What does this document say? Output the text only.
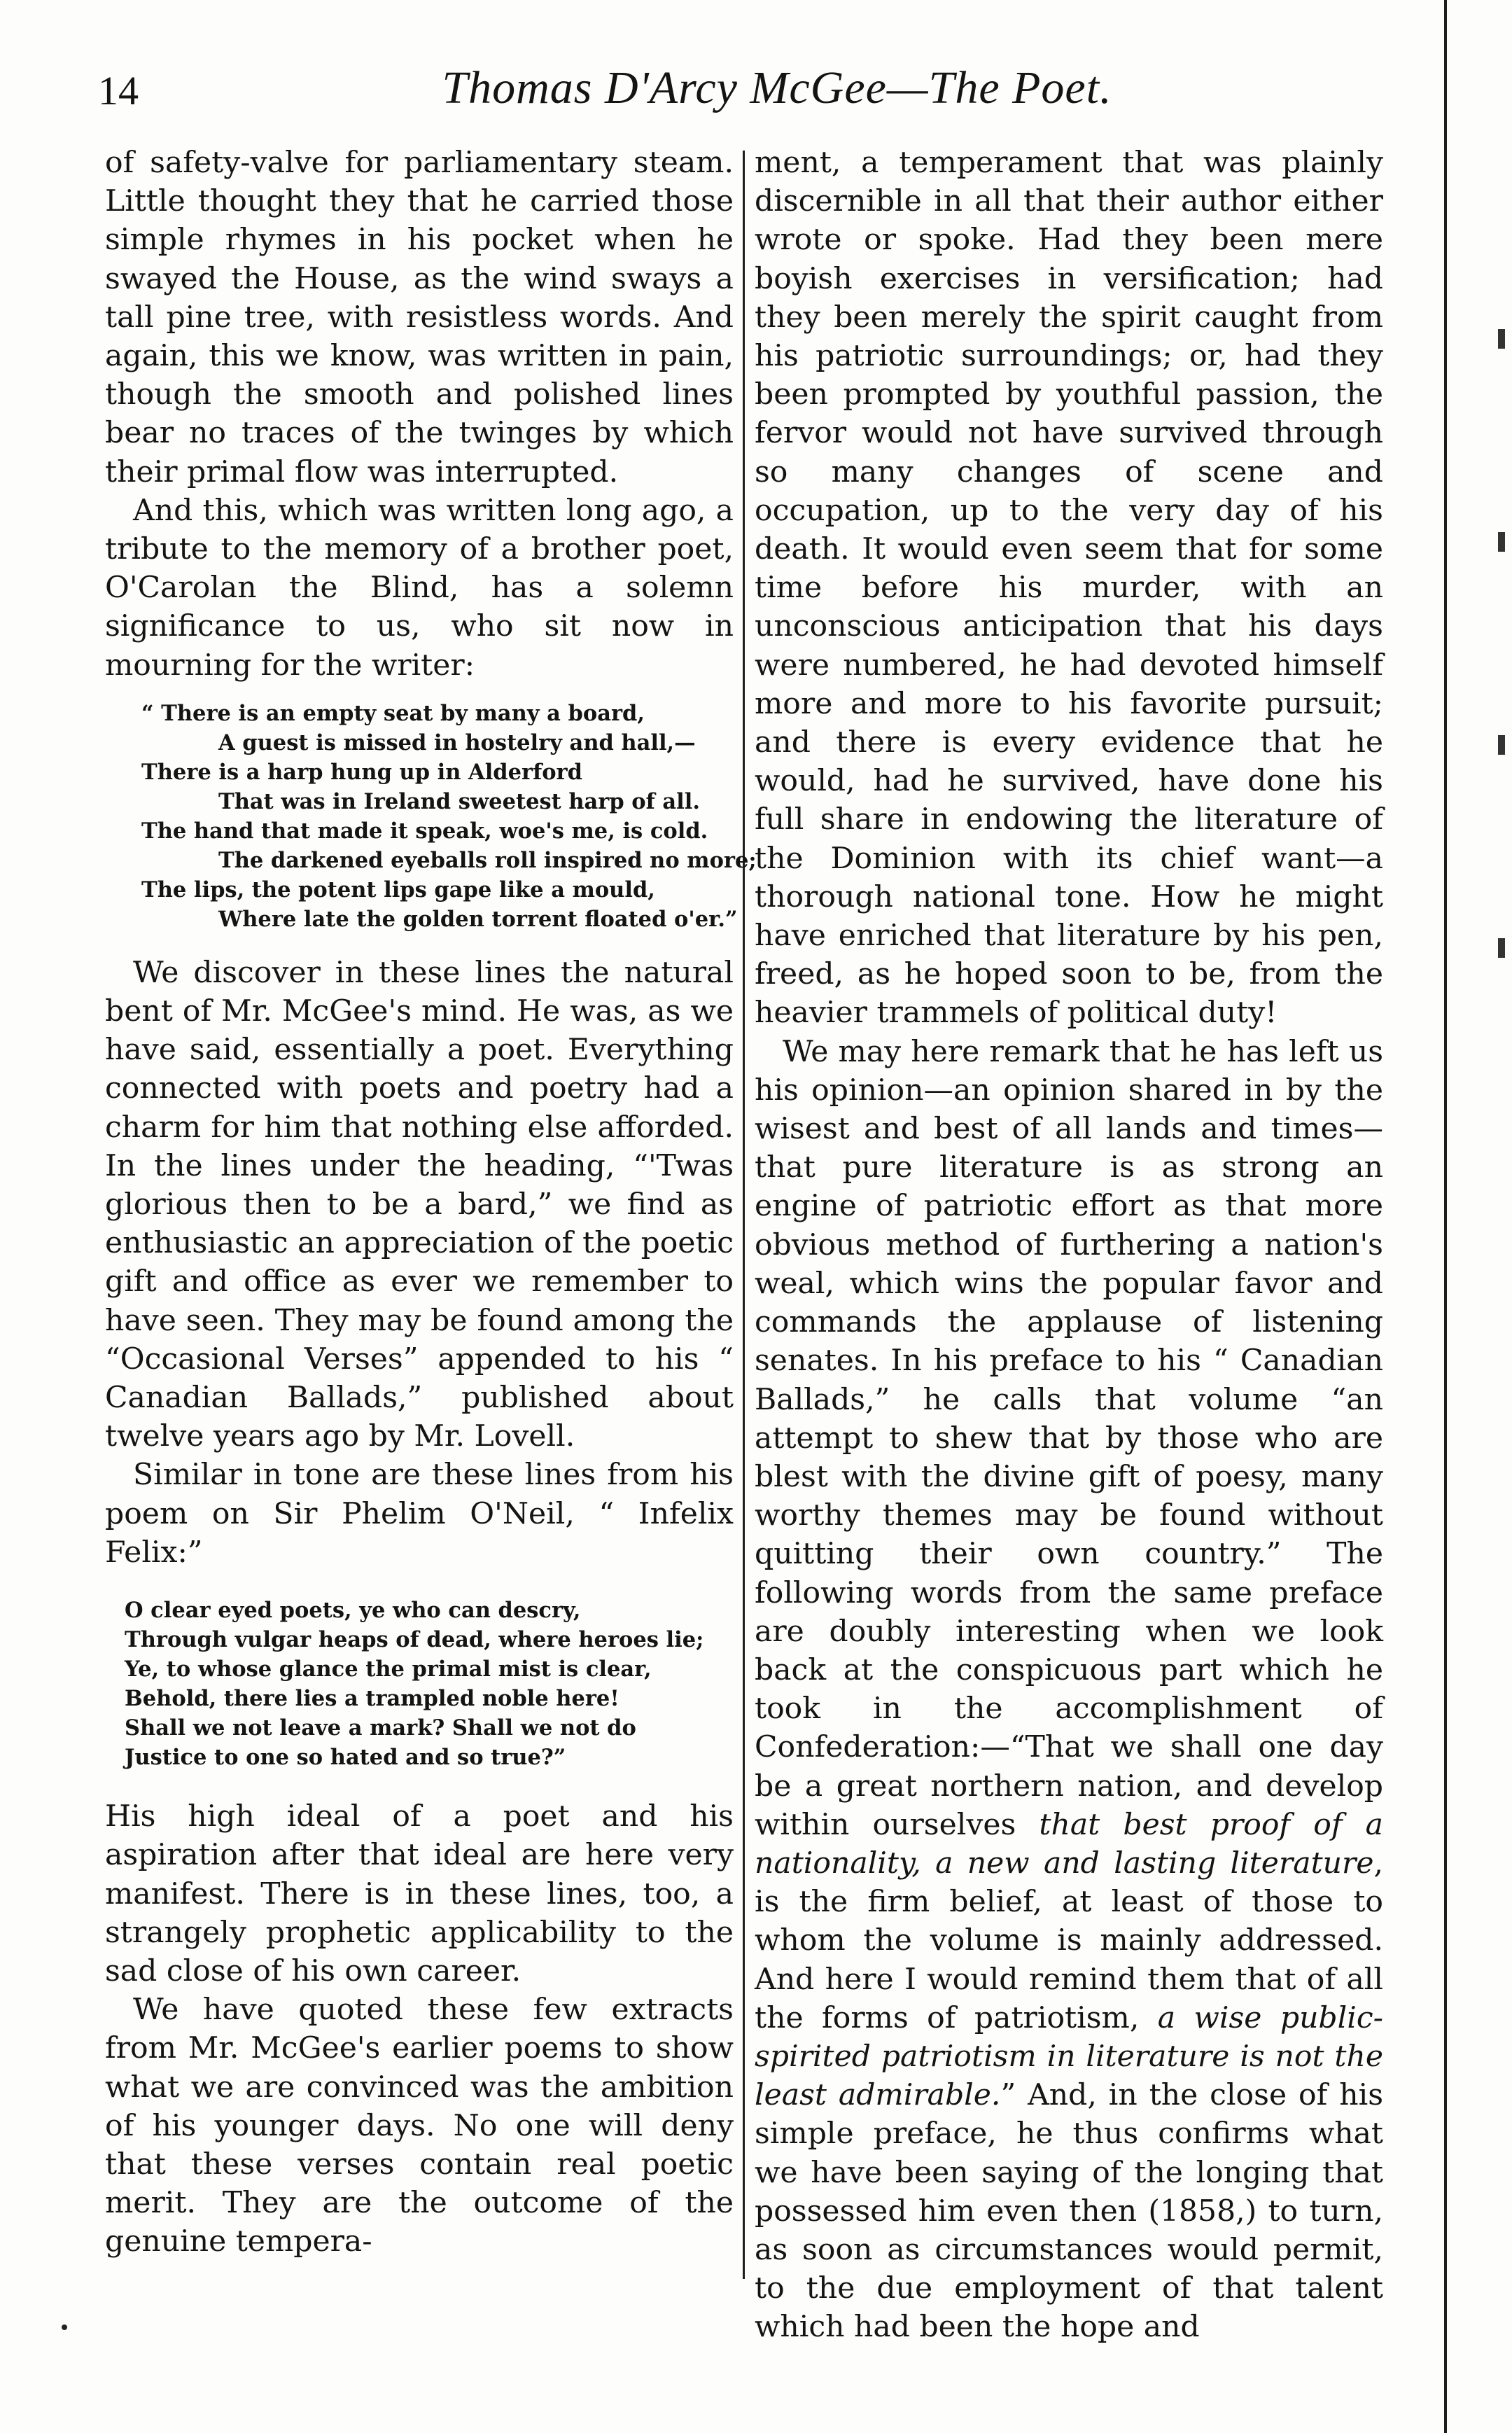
14	Thomas D'Arcy McGee—The Poet.

of safety-valve for parliamentary steam. Little thought they that he carried those simple rhymes in his pocket when he swayed the House, as the wind sways a tall pine tree, with resistless words. And again, this we know, was written in pain, though the smooth and polished lines bear no traces of the twinges by which their primal flow was interrupted.

And this, which was written long ago, a tribute to the memory of a brother poet, O'Carolan the Blind, has a solemn significance to us, who sit now in mourning for the writer:

“ There is an empty seat by many a board,
A guest is missed in hostelry and hall,—
There is a harp hung up in Alderford
That was in Ireland sweetest harp of all.
The hand that made it speak, woe's me, is cold.
The darkened eyeballs roll inspired no more;
The lips, the potent lips gape like a mould,
Where late the golden torrent floated o'er.”

We discover in these lines the natural bent of Mr. McGee's mind. He was, as we have said, essentially a poet. Everything connected with poets and poetry had a charm for him that nothing else afforded. In the lines under the heading, “'Twas glorious then to be a bard,” we find as enthusiastic an appreciation of the poetic gift and office as ever we remember to have seen. They may be found among the “Occasional Verses” appended to his “ Canadian Ballads,” published about twelve years ago by Mr. Lovell.

Similar in tone are these lines from his poem on Sir Phelim O'Neil, “ Infelix Felix:”

O clear eyed poets, ye who can descry,
Through vulgar heaps of dead, where heroes lie;
Ye, to whose glance the primal mist is clear,
Behold, there lies a trampled noble here!
Shall we not leave a mark? Shall we not do
Justice to one so hated and so true?”

His high ideal of a poet and his aspiration after that ideal are here very manifest. There is in these lines, too, a strangely prophetic applicability to the sad close of his own career.

We have quoted these few extracts from Mr. McGee's earlier poems to show what we are convinced was the ambition of his younger days. No one will deny that these verses contain real poetic merit. They are the outcome of the genuine tempera-

ment, a temperament that was plainly discernible in all that their author either wrote or spoke. Had they been mere boyish exercises in versification; had they been merely the spirit caught from his patriotic surroundings; or, had they been prompted by youthful passion, the fervor would not have survived through so many changes of scene and occupation, up to the very day of his death. It would even seem that for some time before his murder, with an unconscious anticipation that his days were numbered, he had devoted himself more and more to his favorite pursuit; and there is every evidence that he would, had he survived, have done his full share in endowing the literature of the Dominion with its chief want—a thorough national tone. How he might have enriched that literature by his pen, freed, as he hoped soon to be, from the heavier trammels of political duty!

We may here remark that he has left us his opinion—an opinion shared in by the wisest and best of all lands and times—that pure literature is as strong an engine of patriotic effort as that more obvious method of furthering a nation's weal, which wins the popular favor and commands the applause of listening senates. In his preface to his “ Canadian Ballads,” he calls that volume “an attempt to shew that by those who are blest with the divine gift of poesy, many worthy themes may be found without quitting their own country.” The following words from the same preface are doubly interesting when we look back at the conspicuous part which he took in the accomplishment of Confederation:—“That we shall one day be a great northern nation, and develop within ourselves that best proof of a nationality, a new and lasting literature, is the firm belief, at least of those to whom the volume is mainly addressed. And here I would remind them that of all the forms of patriotism, a wise public-spirited patriotism in literature is not the least admirable.” And, in the close of his simple preface, he thus confirms what we have been saying of the longing that possessed him even then (1858,) to turn, as soon as circumstances would permit, to the due employment of that talent which had been the hope and
